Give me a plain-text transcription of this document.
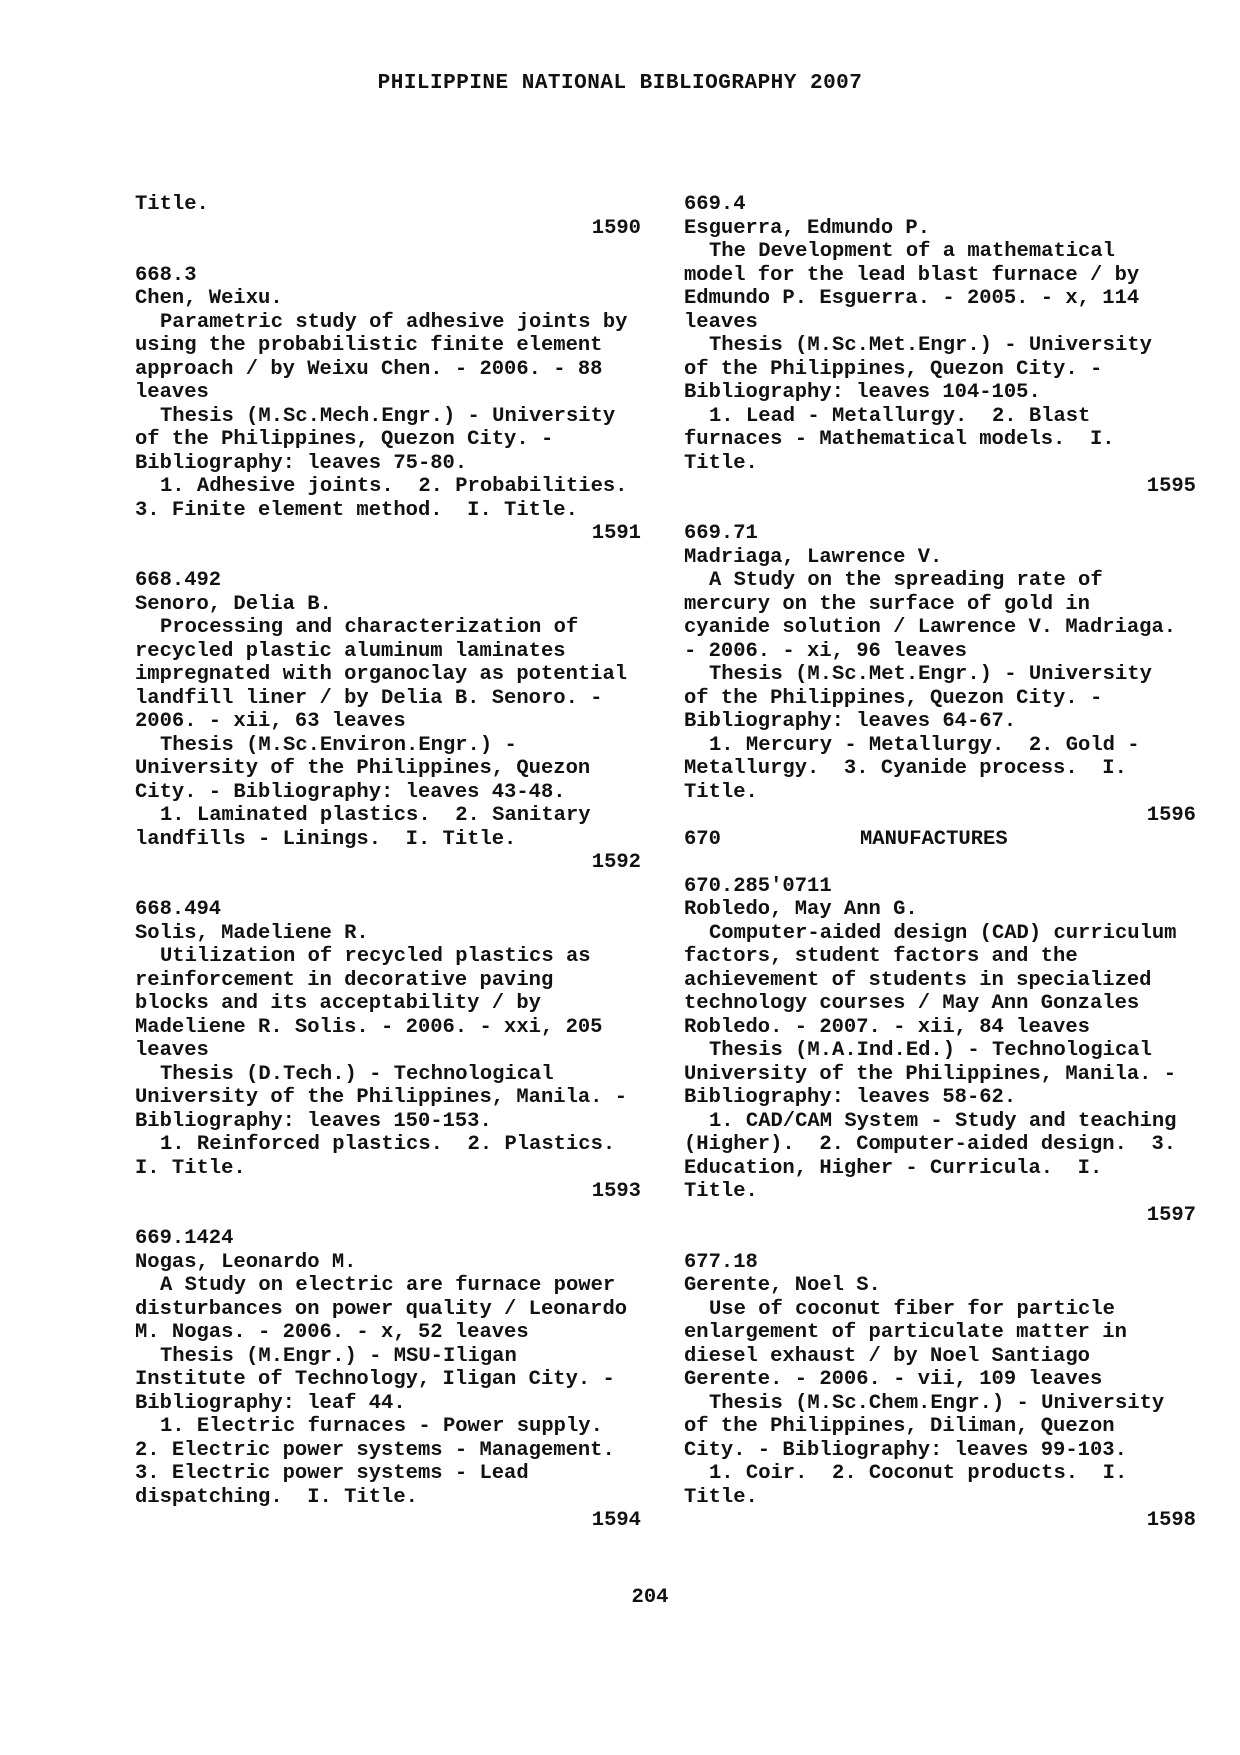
PHILIPPINE NATIONAL BIBLIOGRAPHY 2007
Title.
1590
668.3
Chen, Weixu.
Parametric study of adhesive joints by
using the probabilistic finite element
approach / by Weixu Chen. - 2006. - 88
leaves
Thesis (M.Sc.Mech.Engr.) - University
of the Philippines, Quezon City. -
Bibliography: leaves 75-80.
1. Adhesive joints.  2. Probabilities.
3. Finite element method.  I. Title.
1591
668.492
Senoro, Delia B.
Processing and characterization of
recycled plastic aluminum laminates
impregnated with organoclay as potential
landfill liner / by Delia B. Senoro. -
2006. - xii, 63 leaves
Thesis (M.Sc.Environ.Engr.) -
University of the Philippines, Quezon
City. - Bibliography: leaves 43-48.
1. Laminated plastics.  2. Sanitary
landfills - Linings.  I. Title.
1592
668.494
Solis, Madeliene R.
Utilization of recycled plastics as
reinforcement in decorative paving
blocks and its acceptability / by
Madeliene R. Solis. - 2006. - xxi, 205
leaves
Thesis (D.Tech.) - Technological
University of the Philippines, Manila. -
Bibliography: leaves 150-153.
1. Reinforced plastics.  2. Plastics.
I. Title.
1593
669.1424
Nogas, Leonardo M.
A Study on electric are furnace power
disturbances on power quality / Leonardo
M. Nogas. - 2006. - x, 52 leaves
Thesis (M.Engr.) - MSU-Iligan
Institute of Technology, Iligan City. -
Bibliography: leaf 44.
1. Electric furnaces - Power supply.
2. Electric power systems - Management.
3. Electric power systems - Lead
dispatching.  I. Title.
1594
669.4
Esguerra, Edmundo P.
The Development of a mathematical
model for the lead blast furnace / by
Edmundo P. Esguerra. - 2005. - x, 114
leaves
Thesis (M.Sc.Met.Engr.) - University
of the Philippines, Quezon City. -
Bibliography: leaves 104-105.
1. Lead - Metallurgy.  2. Blast
furnaces - Mathematical models.  I.
Title.
1595
669.71
Madriaga, Lawrence V.
A Study on the spreading rate of
mercury on the surface of gold in
cyanide solution / Lawrence V. Madriaga.
- 2006. - xi, 96 leaves
Thesis (M.Sc.Met.Engr.) - University
of the Philippines, Quezon City. -
Bibliography: leaves 64-67.
1. Mercury - Metallurgy.  2. Gold -
Metallurgy.  3. Cyanide process.  I.
Title.
1596
670	MANUFACTURES
670.285'0711
Robledo, May Ann G.
Computer-aided design (CAD) curriculum
factors, student factors and the
achievement of students in specialized
technology courses / May Ann Gonzales
Robledo. - 2007. - xii, 84 leaves
Thesis (M.A.Ind.Ed.) - Technological
University of the Philippines, Manila. -
Bibliography: leaves 58-62.
1. CAD/CAM System - Study and teaching
(Higher).  2. Computer-aided design.  3.
Education, Higher - Curricula.  I.
Title.
1597
677.18
Gerente, Noel S.
Use of coconut fiber for particle
enlargement of particulate matter in
diesel exhaust / by Noel Santiago
Gerente. - 2006. - vii, 109 leaves
Thesis (M.Sc.Chem.Engr.) - University
of the Philippines, Diliman, Quezon
City. - Bibliography: leaves 99-103.
1. Coir.  2. Coconut products.  I.
Title.
1598
204
